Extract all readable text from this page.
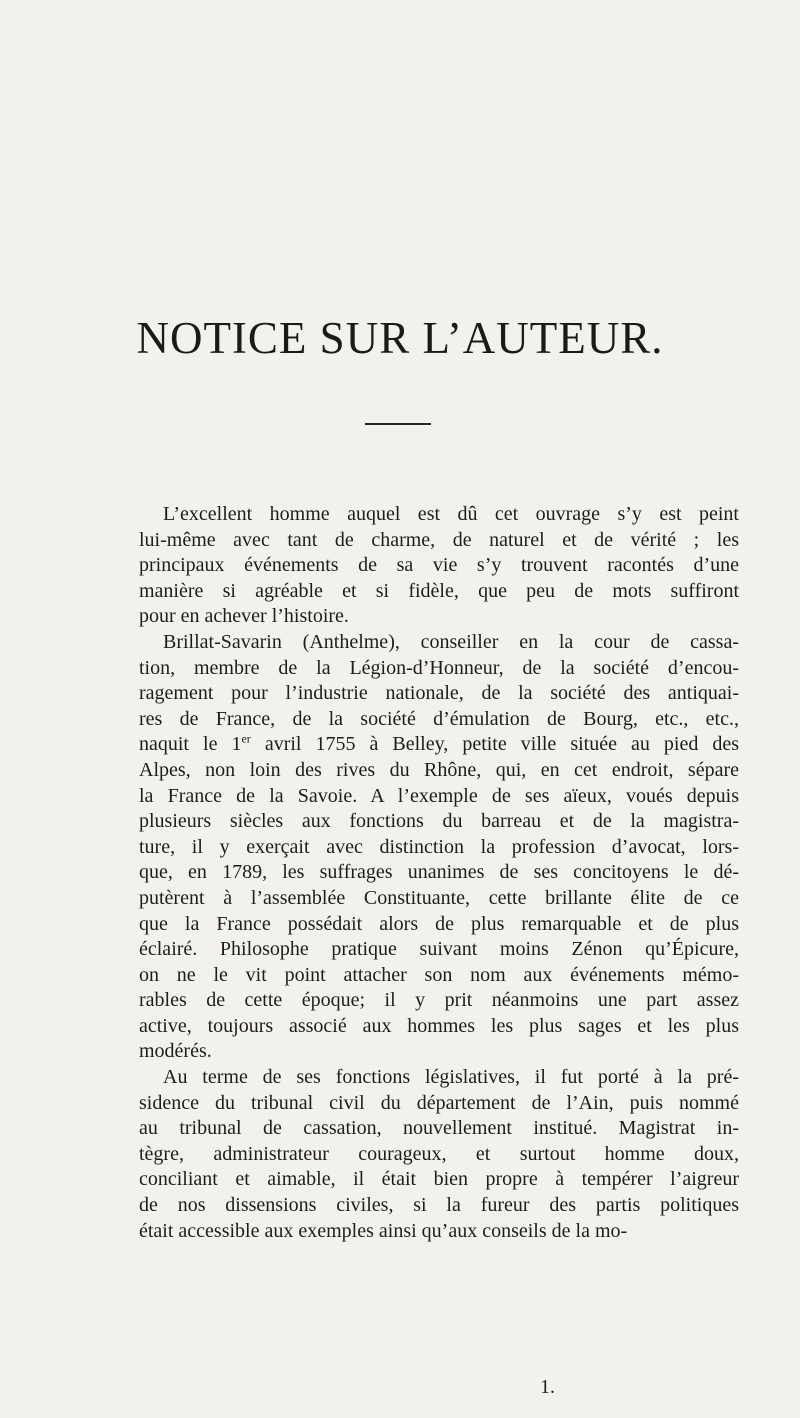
NOTICE SUR L’AUTEUR.
L’excellent homme auquel est dû cet ouvrage s’y est peint
lui-même avec tant de charme, de naturel et de vérité ; les
principaux événements de sa vie s’y trouvent racontés d’une
manière si agréable et si fidèle, que peu de mots suffiront
pour en achever l’histoire.
Brillat-Savarin (Anthelme), conseiller en la cour de cassa-
tion, membre de la Légion-d’Honneur, de la société d’encou-
ragement pour l’industrie nationale, de la société des antiquai-
res de France, de la société d’émulation de Bourg, etc., etc.,
naquit le 1er avril 1755 à Belley, petite ville située au pied des
Alpes, non loin des rives du Rhône, qui, en cet endroit, sépare
la France de la Savoie. A l’exemple de ses aïeux, voués depuis
plusieurs siècles aux fonctions du barreau et de la magistra-
ture, il y exerçait avec distinction la profession d’avocat, lors-
que, en 1789, les suffrages unanimes de ses concitoyens le dé-
putèrent à l’assemblée Constituante, cette brillante élite de ce
que la France possédait alors de plus remarquable et de plus
éclairé. Philosophe pratique suivant moins Zénon qu’Épicure,
on ne le vit point attacher son nom aux événements mémo-
rables de cette époque; il y prit néanmoins une part assez
active, toujours associé aux hommes les plus sages et les plus
modérés.
Au terme de ses fonctions législatives, il fut porté à la pré-
sidence du tribunal civil du département de l’Ain, puis nommé
au tribunal de cassation, nouvellement institué. Magistrat in-
tègre, administrateur courageux, et surtout homme doux,
conciliant et aimable, il était bien propre à tempérer l’aigreur
de nos dissensions civiles, si la fureur des partis politiques
était accessible aux exemples ainsi qu’aux conseils de la mo-
1.
